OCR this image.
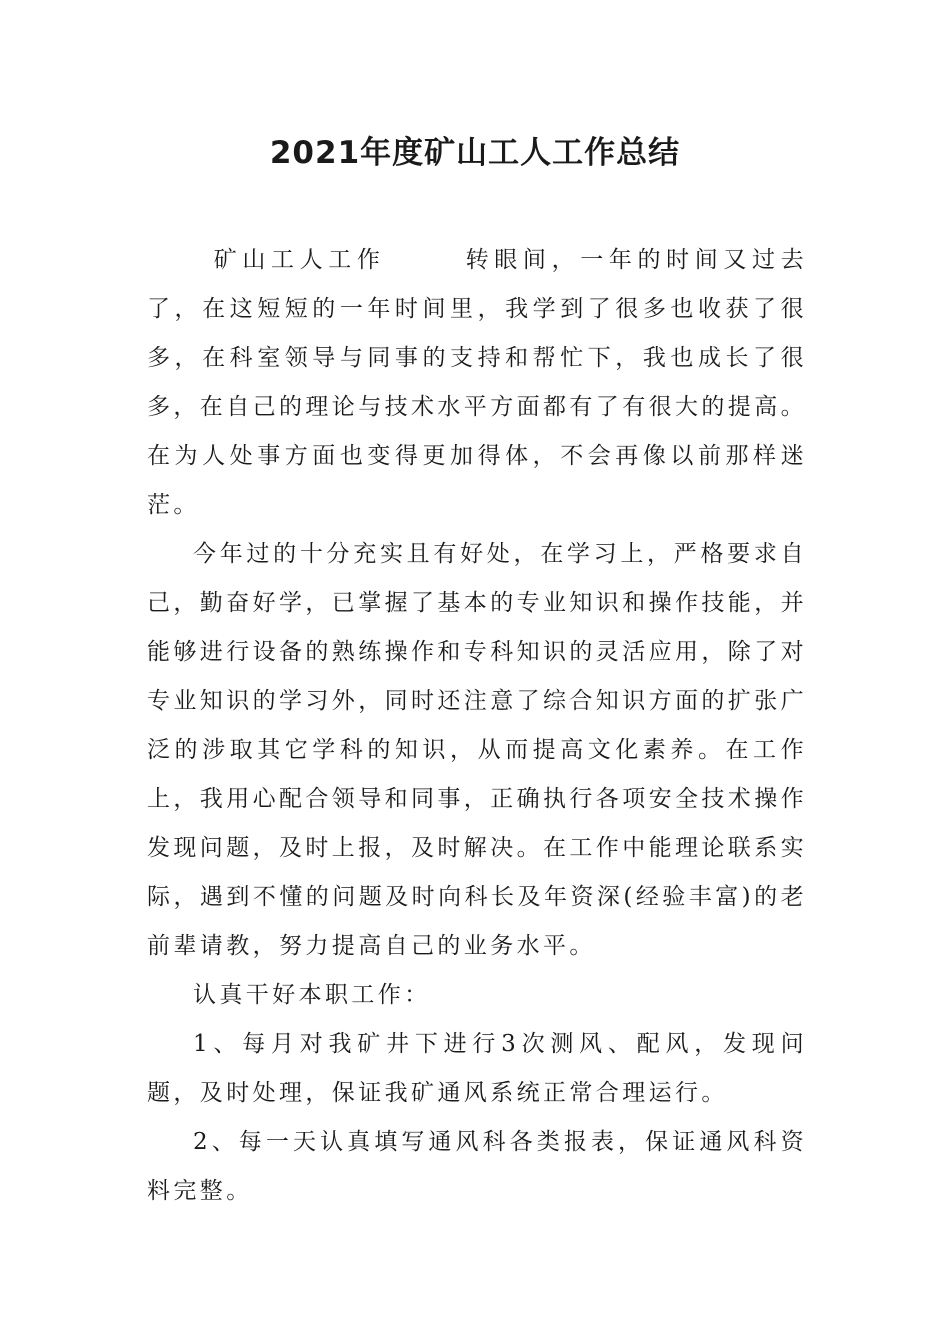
2021年度矿山工人工作总结

矿山工人工作	转眼间，一年的时间又过去了，在这短短的一年时间里，我学到了很多也收获了很多，在科室领导与同事的支持和帮忙下，我也成长了很多，在自己的理论与技术水平方面都有了有很大的提高。在为人处事方面也变得更加得体，不会再像以前那样迷茫。

今年过的十分充实且有好处，在学习上，严格要求自己，勤奋好学，已掌握了基本的专业知识和操作技能，并能够进行设备的熟练操作和专科知识的灵活应用，除了对专业知识的学习外，同时还注意了综合知识方面的扩张广泛的涉取其它学科的知识，从而提高文化素养。在工作上，我用心配合领导和同事，正确执行各项安全技术操作发现问题，及时上报，及时解决。在工作中能理论联系实际，遇到不懂的问题及时向科长及年资深(经验丰富)的老前辈请教，努力提高自己的业务水平。

认真干好本职工作：

1、每月对我矿井下进行3次测风、配风，发现问题，及时处理，保证我矿通风系统正常合理运行。

2、每一天认真填写通风科各类报表，保证通风科资料完整。
